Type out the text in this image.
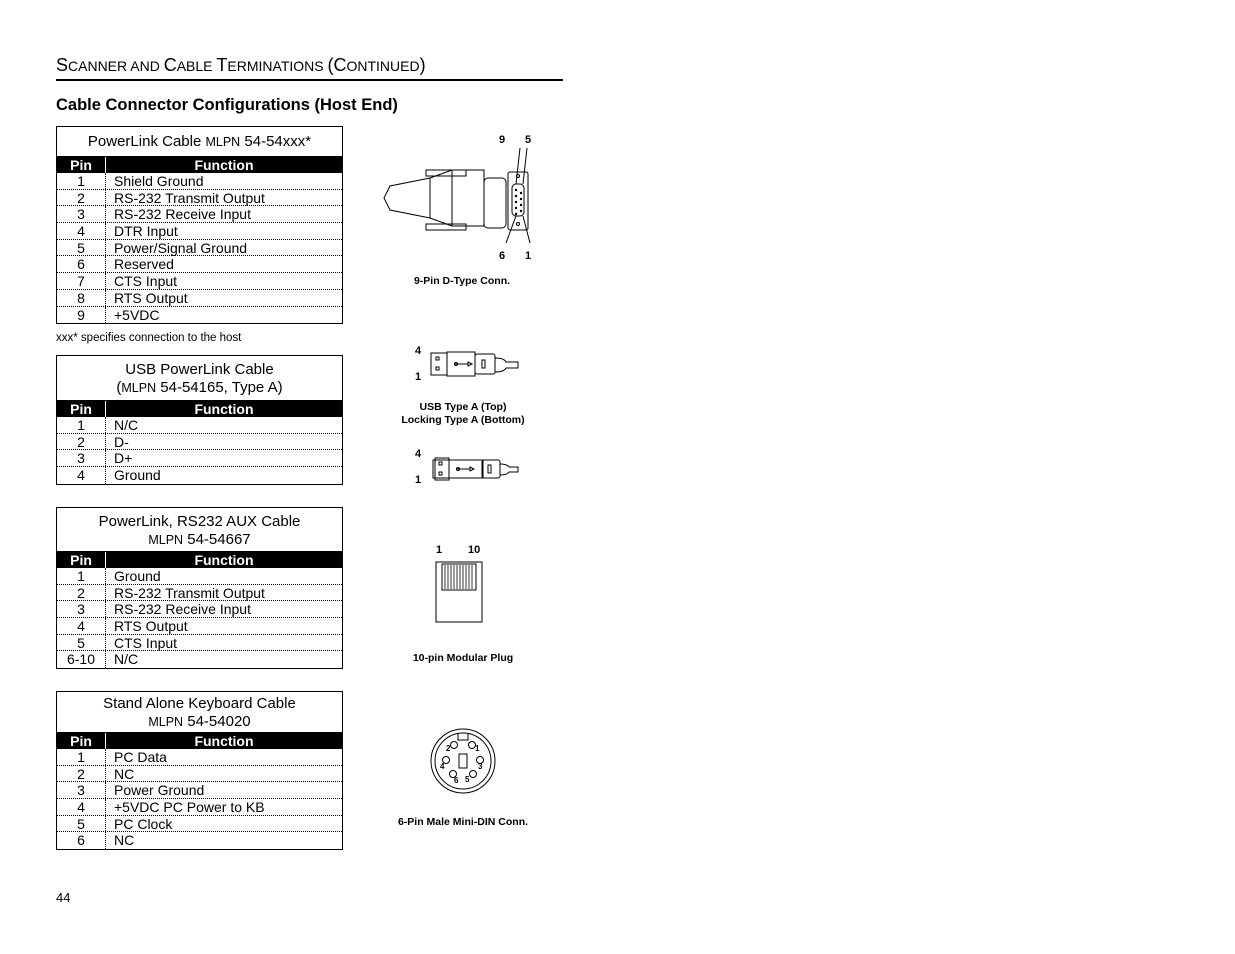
SCANNER AND CABLE TERMINATIONS (CONTINUED)
Cable Connector Configurations (Host End)
PowerLink Cable MLPN 54-54xxx*
Pin	Function
1	Shield Ground
2	RS-232 Transmit Output
3	RS-232 Receive Input
4	DTR Input
5	Power/Signal Ground
6	Reserved
7	CTS Input
8	RTS Output
9	+5VDC
xxx* specifies connection to the host
USB PowerLink Cable
(MLPN 54-54165, Type A)
Pin	Function
1	N/C
2	D-
3	D+
4	Ground
PowerLink, RS232 AUX Cable
MLPN 54-54667
Pin	Function
1	Ground
2	RS-232 Transmit Output
3	RS-232 Receive Input
4	RTS Output
5	CTS Input
6-10	N/C
Stand Alone Keyboard Cable
MLPN 54-54020
Pin	Function
1	PC Data
2	NC
3	Power Ground
4	+5VDC PC Power to KB
5	PC Clock
6	NC
9 5
6 1
9-Pin D-Type Conn.
4
1
USB Type A (Top)
Locking Type A (Bottom)
4
1
1 10
10-pin Modular Plug
1
2
3
4
5
6
6-Pin Male Mini-DIN Conn.
44
